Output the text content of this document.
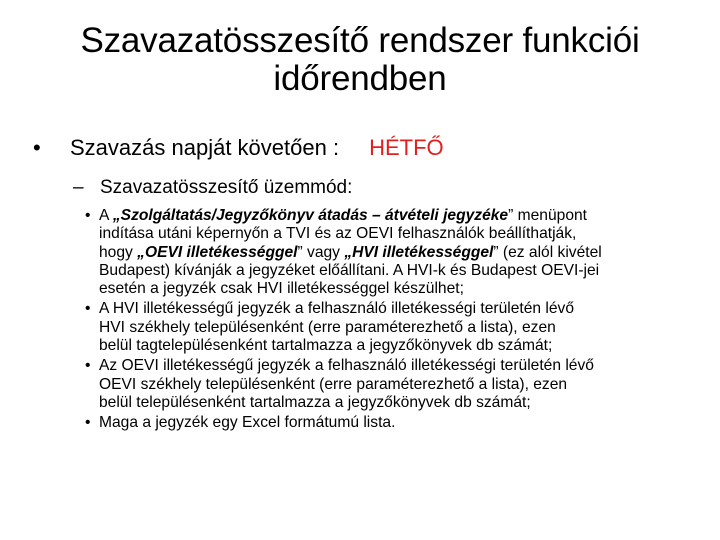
Szavazatösszesítő rendszer funkciói
időrendben
• Szavazás napját követően : HÉTFŐ
– Szavazatösszesítő üzemmód:
• A „Szolgáltatás/Jegyzőkönyv átadás – átvételi jegyzéke” menüpont
indítása utáni képernyőn a TVI és az OEVI felhasználók beállíthatják,
hogy „OEVI illetékességgel” vagy „HVI illetékességgel” (ez alól kivétel
Budapest) kívánják a jegyzéket előállítani. A HVI-k és Budapest OEVI-jei
esetén a jegyzék csak HVI illetékességgel készülhet;
• A HVI illetékességű jegyzék a felhasználó illetékességi területén lévő
HVI székhely településenként (erre paraméterezhető a lista), ezen
belül tagtelepülésenként tartalmazza a jegyzőkönyvek db számát;
• Az OEVI illetékességű jegyzék a felhasználó illetékességi területén lévő
OEVI székhely településenként (erre paraméterezhető a lista), ezen
belül településenként tartalmazza a jegyzőkönyvek db számát;
• Maga a jegyzék egy Excel formátumú lista.
